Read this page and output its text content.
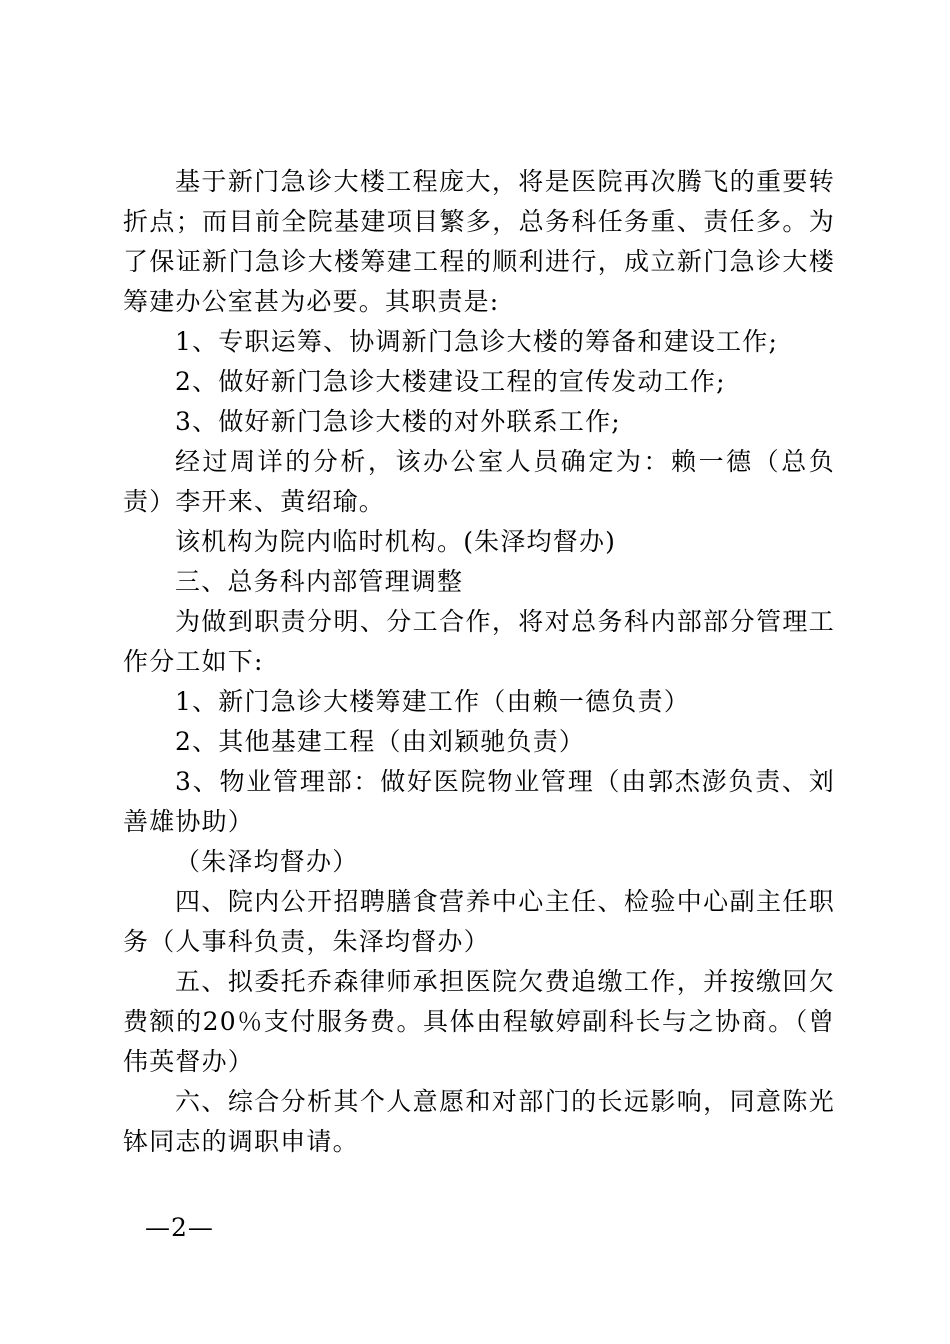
基于新门急诊大楼工程庞大，将是医院再次腾飞的重要转折点；而目前全院基建项目繁多，总务科任务重、责任多。为了保证新门急诊大楼筹建工程的顺利进行，成立新门急诊大楼筹建办公室甚为必要。其职责是:

1、专职运筹、协调新门急诊大楼的筹备和建设工作;

2、做好新门急诊大楼建设工程的宣传发动工作;

3、做好新门急诊大楼的对外联系工作;

经过周详的分析，该办公室人员确定为：赖一德（总负责）李开来、黄绍瑜。

该机构为院内临时机构。(朱泽均督办)

三、总务科内部管理调整

为做到职责分明、分工合作，将对总务科内部部分管理工作分工如下:

1、新门急诊大楼筹建工作（由赖一德负责）

2、其他基建工程（由刘颖驰负责）

3、物业管理部：做好医院物业管理（由郭杰澎负责、刘善雄协助）

（朱泽均督办）

四、院内公开招聘膳食营养中心主任、检验中心副主任职务（人事科负责，朱泽均督办）

五、拟委托乔森律师承担医院欠费追缴工作，并按缴回欠费额的20％支付服务费。具体由程敏婷副科长与之协商。（曾伟英督办）

六、综合分析其个人意愿和对部门的长远影响，同意陈光钵同志的调职申请。

—2—
